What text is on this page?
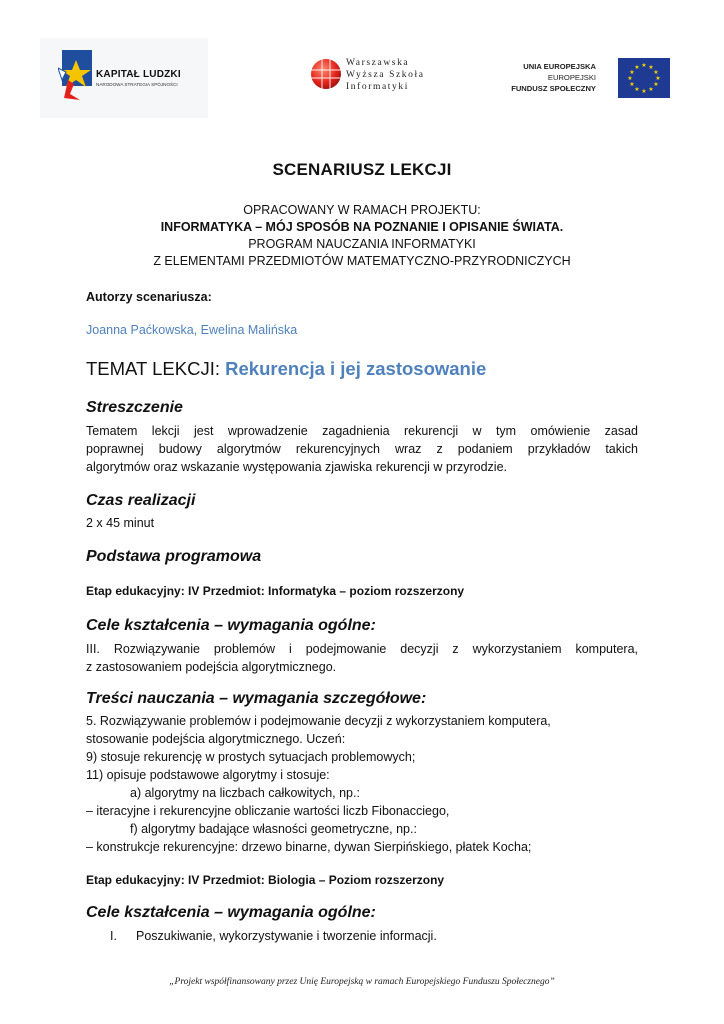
KAPITAŁ LUDZKI
NARODOWA STRATEGIA SPÓJNOŚCI
Warszawska
Wyższa Szkoła
Informatyki
UNIA EUROPEJSKA
EUROPEJSKI
FUNDUSZ SPOŁECZNY
★ ★
★
★
★
★
★
★
★
★
★
★
SCENARIUSZ LEKCJI
OPRACOWANY W RAMACH PROJEKTU:
INFORMATYKA – MÓJ SPOSÓB NA POZNANIE I OPISANIE ŚWIATA.
PROGRAM NAUCZANIA INFORMATYKI
Z ELEMENTAMI PRZEDMIOTÓW MATEMATYCZNO-PRZYRODNICZYCH
Autorzy scenariusza:
Joanna Paćkowska, Ewelina Malińska
TEMAT LEKCJI: Rekurencja i jej zastosowanie
Streszczenie
Tematem lekcji jest wprowadzenie zagadnienia rekurencji w tym omówienie zasad
poprawnej budowy algorytmów rekurencyjnych wraz z podaniem przykładów takich
algorytmów oraz wskazanie występowania zjawiska rekurencji w przyrodzie.
Czas realizacji
2 x 45 minut
Podstawa programowa
Etap edukacyjny: IV Przedmiot: Informatyka – poziom rozszerzony
Cele kształcenia – wymagania ogólne:
III. Rozwiązywanie problemów i podejmowanie decyzji z wykorzystaniem komputera,
z zastosowaniem podejścia algorytmicznego.
Treści nauczania – wymagania szczegółowe:
5. Rozwiązywanie problemów i podejmowanie decyzji z wykorzystaniem komputera,
stosowanie podejścia algorytmicznego. Uczeń:
9) stosuje rekurencję w prostych sytuacjach problemowych;
11) opisuje podstawowe algorytmy i stosuje:
a) algorytmy na liczbach całkowitych, np.:
– iteracyjne i rekurencyjne obliczanie wartości liczb Fibonacciego,
f) algorytmy badające własności geometryczne, np.:
– konstrukcje rekurencyjne: drzewo binarne, dywan Sierpińskiego, płatek Kocha;
Etap edukacyjny: IV Przedmiot: Biologia – Poziom rozszerzony
Cele kształcenia – wymagania ogólne:
I. Poszukiwanie, wykorzystywanie i tworzenie informacji.
„Projekt współfinansowany przez Unię Europejską w ramach Europejskiego Funduszu Społecznego”
